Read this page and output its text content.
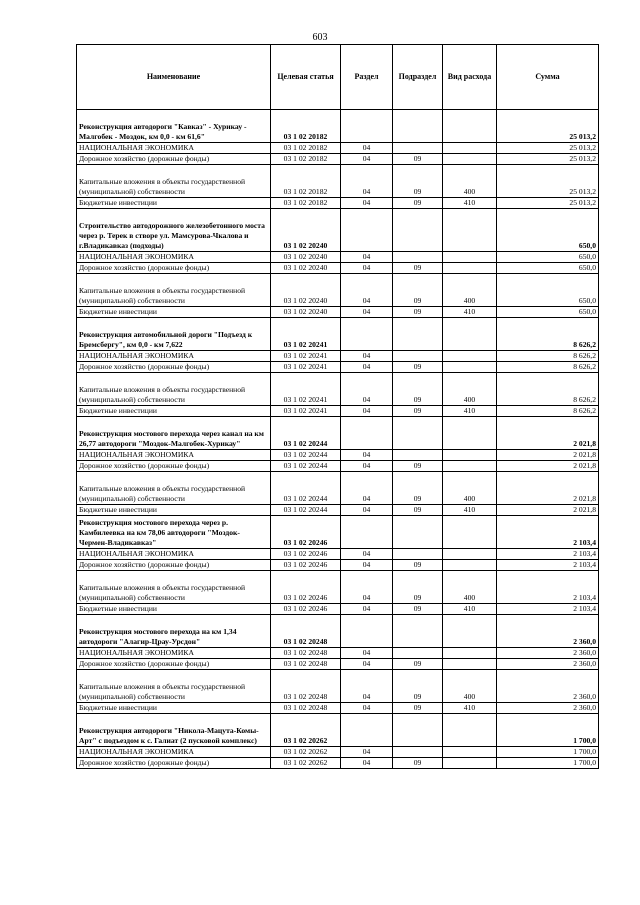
603
Наименование	Целевая статья	Раздел	Подраздел	Вид расхода	Сумма
Реконструкция автодороги "Кавказ" - Хурикау - Малгобек - Моздок, км 0,0 - км 61,6"	03 1 02 20182				25 013,2
НАЦИОНАЛЬНАЯ ЭКОНОМИКА	03 1 02 20182	04			25 013,2
Дорожное хозяйство (дорожные фонды)	03 1 02 20182	04	09		25 013,2
Капитальные вложения в объекты государственной (муниципальной) собственности	03 1 02 20182	04	09	400	25 013,2
Бюджетные инвестиции	03 1 02 20182	04	09	410	25 013,2
Строительство автодорожного железобетонного моста через р. Терек в створе ул. Мамсурова-Чкалова и г.Владикавказ (подходы)	03 1 02 20240				650,0
НАЦИОНАЛЬНАЯ ЭКОНОМИКА	03 1 02 20240	04			650,0
Дорожное хозяйство (дорожные фонды)	03 1 02 20240	04	09		650,0
Капитальные вложения в объекты государственной (муниципальной) собственности	03 1 02 20240	04	09	400	650,0
Бюджетные инвестиции	03 1 02 20240	04	09	410	650,0
Реконструкция автомобильной дороги "Подъезд к Бремсбергу", км 0,0 - км 7,622	03 1 02 20241				8 626,2
НАЦИОНАЛЬНАЯ ЭКОНОМИКА	03 1 02 20241	04			8 626,2
Дорожное хозяйство (дорожные фонды)	03 1 02 20241	04	09		8 626,2
Капитальные вложения в объекты государственной (муниципальной) собственности	03 1 02 20241	04	09	400	8 626,2
Бюджетные инвестиции	03 1 02 20241	04	09	410	8 626,2
Реконструкция мостового перехода через канал на км 26,77 автодороги "Моздок-Малгобек-Хурикау"	03 1 02 20244				2 021,8
НАЦИОНАЛЬНАЯ ЭКОНОМИКА	03 1 02 20244	04			2 021,8
Дорожное хозяйство (дорожные фонды)	03 1 02 20244	04	09		2 021,8
Капитальные вложения в объекты государственной (муниципальной) собственности	03 1 02 20244	04	09	400	2 021,8
Бюджетные инвестиции	03 1 02 20244	04	09	410	2 021,8
Реконструкция мостового перехода через р. Камбилеевка на км 78,06 автодороги "Моздок-Чермен-Владикавказ"	03 1 02 20246				2 103,4
НАЦИОНАЛЬНАЯ ЭКОНОМИКА	03 1 02 20246	04			2 103,4
Дорожное хозяйство (дорожные фонды)	03 1 02 20246	04	09		2 103,4
Капитальные вложения в объекты государственной (муниципальной) собственности	03 1 02 20246	04	09	400	2 103,4
Бюджетные инвестиции	03 1 02 20246	04	09	410	2 103,4
Реконструкция мостового перехода на км 1,34 автодороги "Алагир-Црау-Урсдон"	03 1 02 20248				2 360,0
НАЦИОНАЛЬНАЯ ЭКОНОМИКА	03 1 02 20248	04			2 360,0
Дорожное хозяйство (дорожные фонды)	03 1 02 20248	04	09		2 360,0
Капитальные вложения в объекты государственной (муниципальной) собственности	03 1 02 20248	04	09	400	2 360,0
Бюджетные инвестиции	03 1 02 20248	04	09	410	2 360,0
Реконструкция автодороги "Никола-Мацута-Комы-Арт" с подъездом к с. Галиат (2 пусковой комплекс)	03 1 02 20262				1 700,0
НАЦИОНАЛЬНАЯ ЭКОНОМИКА	03 1 02 20262	04			1 700,0
Дорожное хозяйство (дорожные фонды)	03 1 02 20262	04	09		1 700,0
